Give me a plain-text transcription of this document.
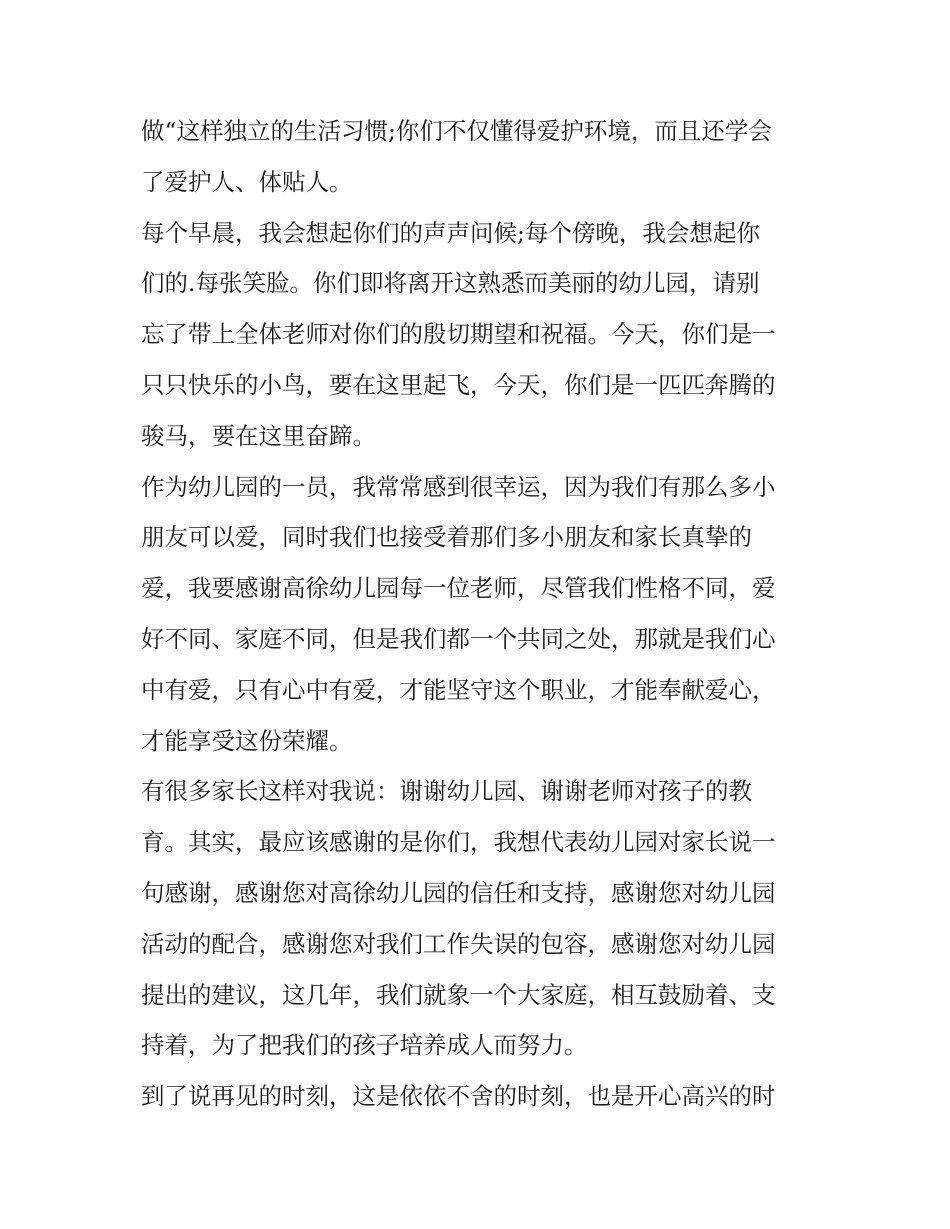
做“这样独立的生活习惯;你们不仅懂得爱护环境，而且还学会

了爱护人、体贴人。

每个早晨，我会想起你们的声声问候;每个傍晚，我会想起你

们的.每张笑脸。你们即将离开这熟悉而美丽的幼儿园，请别

忘了带上全体老师对你们的殷切期望和祝福。今天，你们是一

只只快乐的小鸟，要在这里起飞，今天，你们是一匹匹奔腾的

骏马，要在这里奋蹄。

作为幼儿园的一员，我常常感到很幸运，因为我们有那么多小

朋友可以爱，同时我们也接受着那们多小朋友和家长真挚的

爱，我要感谢高徐幼儿园每一位老师，尽管我们性格不同，爱

好不同、家庭不同，但是我们都一个共同之处，那就是我们心

中有爱，只有心中有爱，才能坚守这个职业，才能奉献爱心，

才能享受这份荣耀。

有很多家长这样对我说：谢谢幼儿园、谢谢老师对孩子的教

育。其实，最应该感谢的是你们，我想代表幼儿园对家长说一

句感谢，感谢您对高徐幼儿园的信任和支持，感谢您对幼儿园

活动的配合，感谢您对我们工作失误的包容，感谢您对幼儿园

提出的建议，这几年，我们就象一个大家庭，相互鼓励着、支

持着，为了把我们的孩子培养成人而努力。

到了说再见的时刻，这是依依不舍的时刻，也是开心高兴的时
